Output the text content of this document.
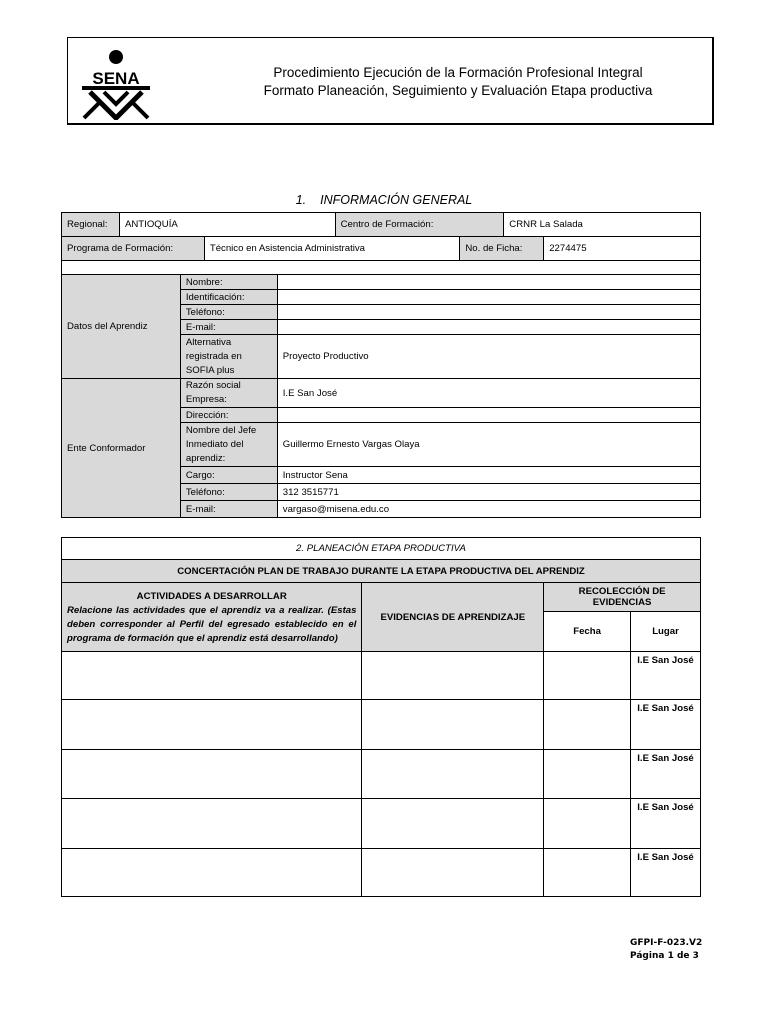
SENA	Procedimiento Ejecución de la Formación Profesional Integral
Formato Planeación, Seguimiento y Evaluación Etapa productiva
1. INFORMACIÓN GENERAL
Regional:	ANTIOQUÍA				Centro de Formación:		CRNR La Salada	
Programa de Formación:			Técnico en Asistencia Administrativa			No. de Ficha:		2274475

Datos del Aprendiz		Nombre:						
		Identificación:						
		Teléfono:						
		E-mail:						
		Alternativa registrada en SOFIA plus		Proyecto Productivo				
Ente Conformador		Razón social Empresa:		I.E San José				
		Dirección:						
		Nombre del Jefe Inmediato del aprendiz:		Guillermo Ernesto Vargas Olaya				
		Cargo:		Instructor Sena				
		Teléfono:		312 3515771				
		E-mail:		vargaso@misena.edu.co				
2. PLANEACIÓN ETAPA PRODUCTIVA			
CONCERTACIÓN PLAN DE TRABAJO DURANTE LA ETAPA PRODUCTIVA DEL APRENDIZ			

ACTIVIDADES A DESARROLLAR
Relacione las actividades que el aprendiz va a realizar. (Estas deben corresponder al Perfil del egresado establecido en el programa de formación que el aprendiz está desarrollando)	EVIDENCIAS DE APRENDIZAJE	RECOLECCIÓN DE EVIDENCIAS	
		Fecha	Lugar
			I.E San José
			I.E San José
			I.E San José
			I.E San José
			I.E San José
GFPI-F-023.V2
Página 1 de 3
